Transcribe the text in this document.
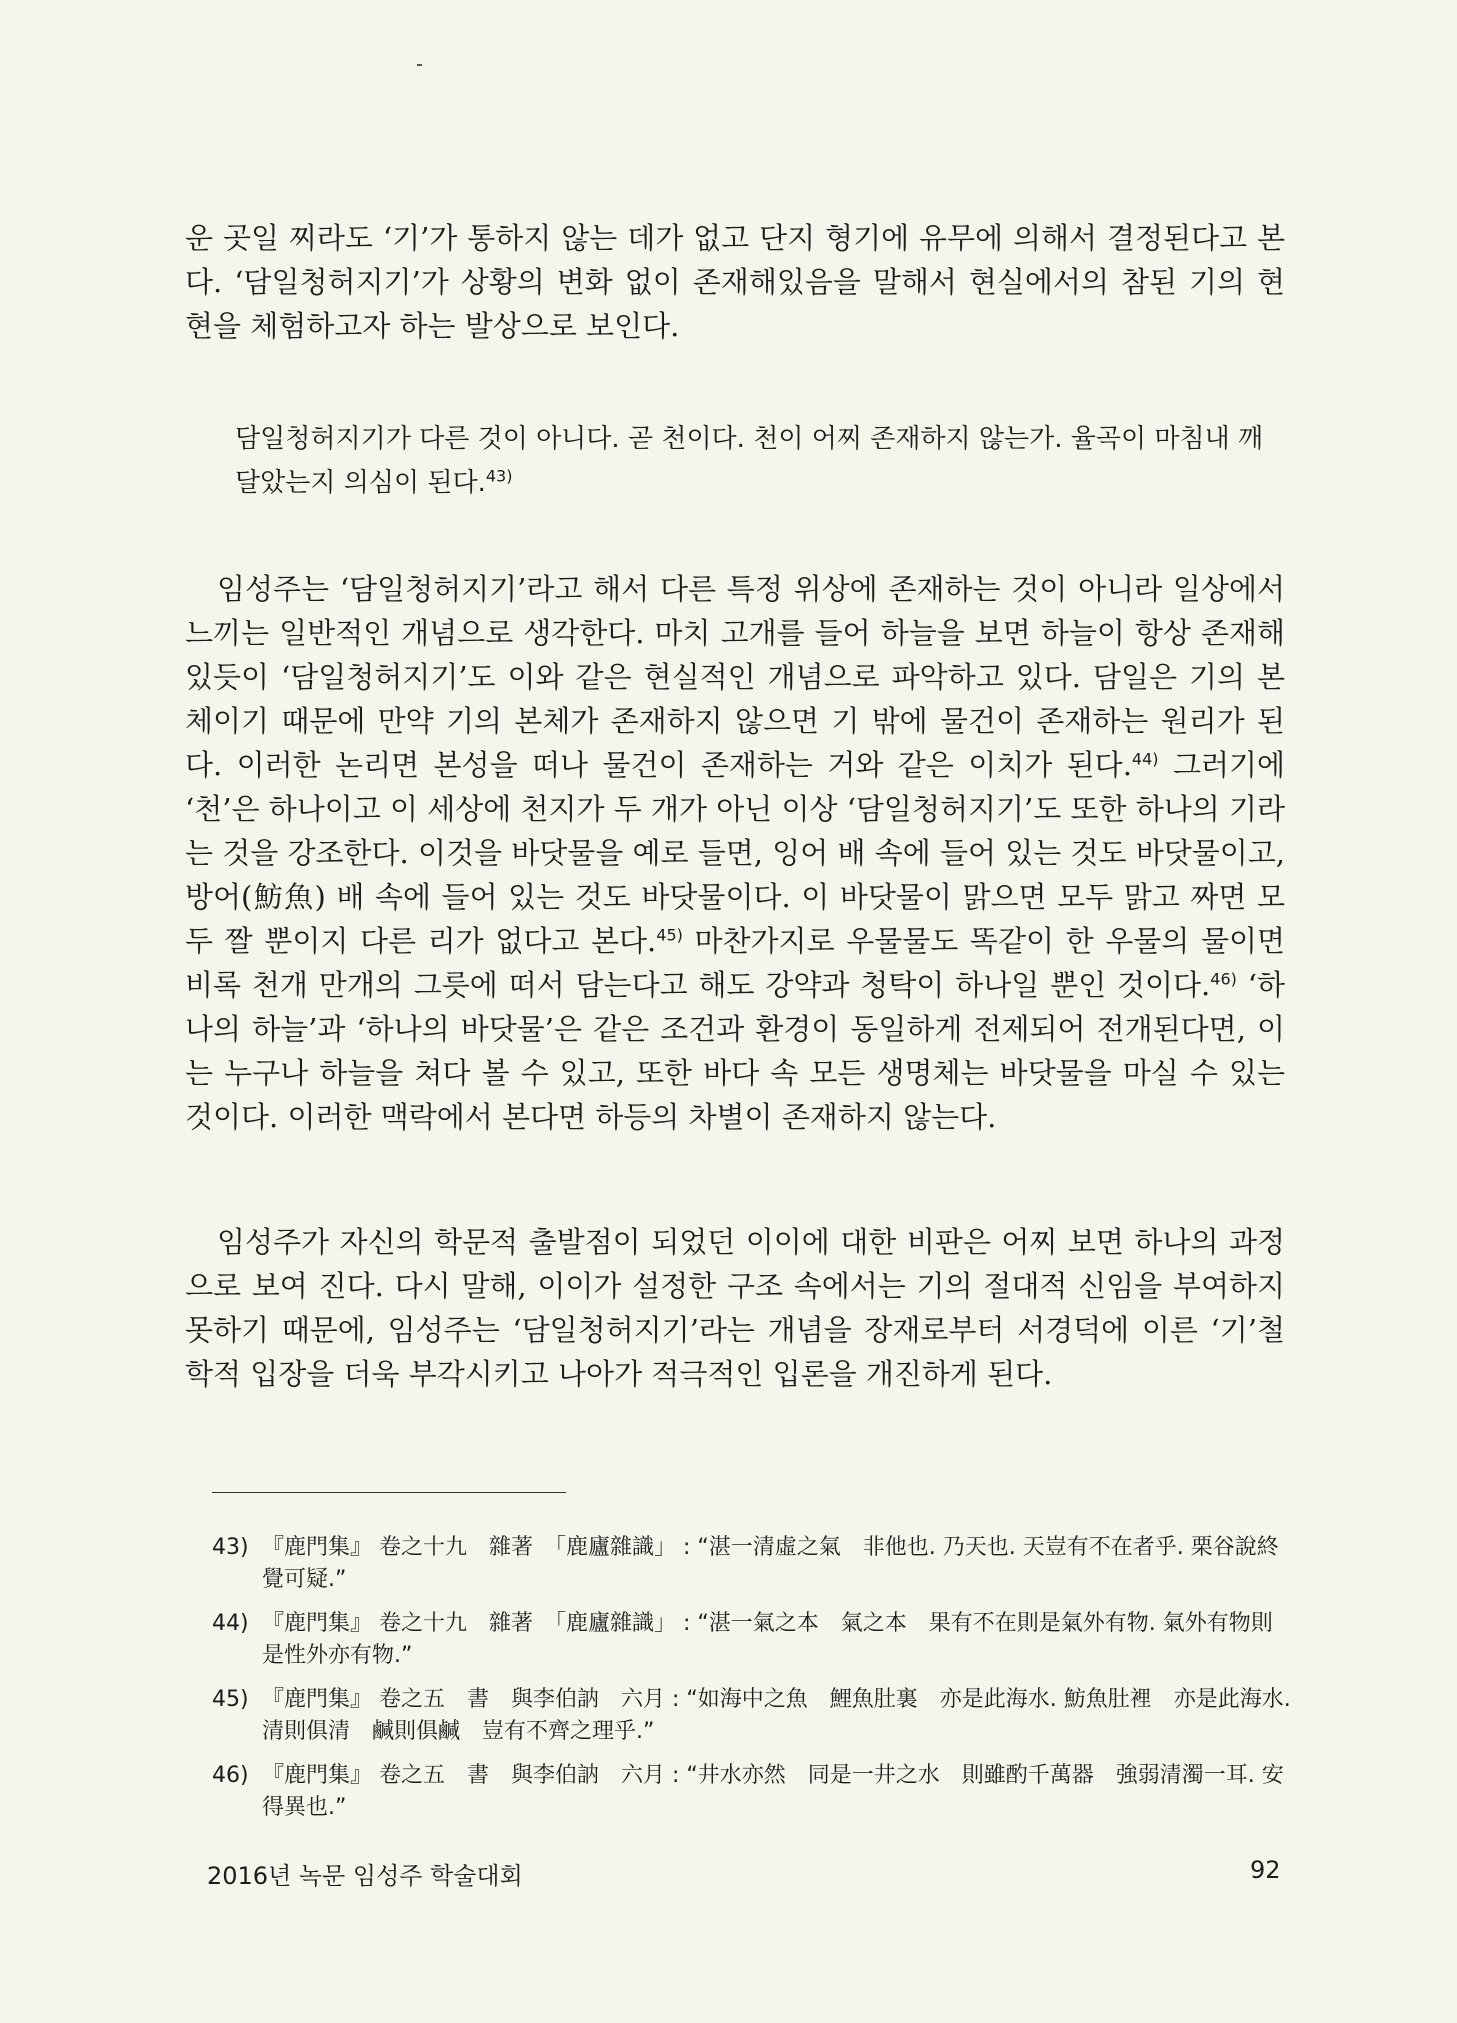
운 곳일 찌라도 ‘기’가 통하지 않는 데가 없고 단지 형기에 유무에 의해서 결정된다고 본다. ‘담일청허지기’가 상황의 변화 없이 존재해있음을 말해서 현실에서의 참된 기의 현현을 체험하고자 하는 발상으로 보인다.

담일청허지기가 다른 것이 아니다. 곧 천이다. 천이 어찌 존재하지 않는가. 율곡이 마침내 깨달았는지 의심이 된다.$^{43)}$

임성주는 ‘담일청허지기’라고 해서 다른 특정 위상에 존재하는 것이 아니라 일상에서 느끼는 일반적인 개념으로 생각한다. 마치 고개를 들어 하늘을 보면 하늘이 항상 존재해 있듯이 ‘담일청허지기’도 이와 같은 현실적인 개념으로 파악하고 있다. 담일은 기의 본체이기 때문에 만약 기의 본체가 존재하지 않으면 기 밖에 물건이 존재하는 원리가 된다. 이러한 논리면 본성을 떠나 물건이 존재하는 거와 같은 이치가 된다.$^{44)}$ 그러기에 ‘천’은 하나이고 이 세상에 천지가 두 개가 아닌 이상 ‘담일청허지기’도 또한 하나의 기라는 것을 강조한다. 이것을 바닷물을 예로 들면, 잉어 배 속에 들어 있는 것도 바닷물이고, 방어(魴魚) 배 속에 들어 있는 것도 바닷물이다. 이 바닷물이 맑으면 모두 맑고 짜면 모두 짤 뿐이지 다른 리가 없다고 본다.$^{45)}$ 마찬가지로 우물물도 똑같이 한 우물의 물이면 비록 천개 만개의 그릇에 떠서 담는다고 해도 강약과 청탁이 하나일 뿐인 것이다.$^{46)}$ ‘하나의 하늘’과 ‘하나의 바닷물’은 같은 조건과 환경이 동일하게 전제되어 전개된다면, 이는 누구나 하늘을 쳐다 볼 수 있고, 또한 바다 속 모든 생명체는 바닷물을 마실 수 있는 것이다. 이러한 맥락에서 본다면 하등의 차별이 존재하지 않는다.

임성주가 자신의 학문적 출발점이 되었던 이이에 대한 비판은 어찌 보면 하나의 과정으로 보여 진다. 다시 말해, 이이가 설정한 구조 속에서는 기의 절대적 신임을 부여하지 못하기 때문에, 임성주는 ‘담일청허지기’라는 개념을 장재로부터 서경덕에 이른 ‘기’철학적 입장을 더욱 부각시키고 나아가 적극적인 입론을 개진하게 된다.

43) 『鹿門集』 卷之十九　雜著　「鹿廬雜識」 : “湛一清虛之氣　非他也. 乃天也. 天豈有不在者乎. 栗谷說終覺可疑.”

44) 『鹿門集』 卷之十九　雜著　「鹿廬雜識」 : “湛一氣之本　氣之本　果有不在則是氣外有物. 氣外有物則是性外亦有物.”

45) 『鹿門集』 卷之五　書　與李伯訥　六月 : “如海中之魚　鯉魚肚裏　亦是此海水. 魴魚肚裡　亦是此海水. 清則俱清　鹹則俱鹹　豈有不齊之理乎.”

46) 『鹿門集』 卷之五　書　與李伯訥　六月 : “井水亦然　同是一井之水　則雖酌千萬器　強弱清濁一耳. 安得異也.”

2016년 녹문 임성주 학술대회	92
